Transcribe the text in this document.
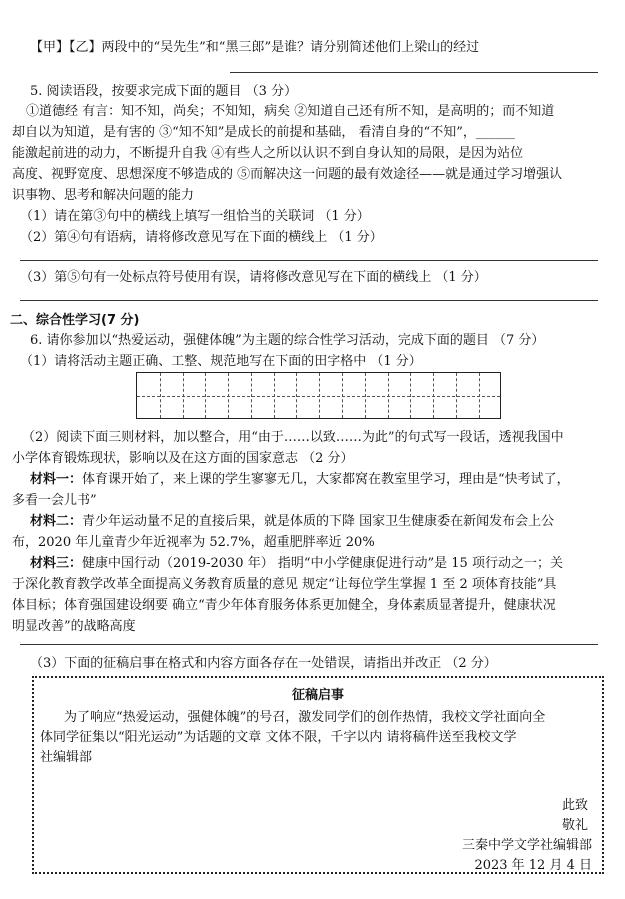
【甲】【乙】两段中的“吴先生”和“黑三郎”是谁？请分别简述他们上梁山的经过
5. 阅读语段，按要求完成下面的题目 （3 分）
①道德经 有言：知不知，尚矣；不知知，病矣 ②知道自己还有所不知，是高明的；而不知道
却自以为知道，是有害的 ③“知不知”是成长的前提和基础， 看清自身的“不知”，______
能激起前进的动力，不断提升自我 ④有些人之所以认识不到自身认知的局限，是因为站位
高度、视野宽度、思想深度不够造成的 ⑤而解决这一问题的最有效途径——就是通过学习增强认
识事物、思考和解决问题的能力
（1）请在第③句中的横线上填写一组恰当的关联词 （1 分）
（2）第④句有语病，请将修改意见写在下面的横线上 （1 分）
（3）第⑤句有一处标点符号使用有误，请将修改意见写在下面的横线上 （1 分）
二、综合性学习(7 分)
6. 请你参加以“热爱运动，强健体魄”为主题的综合性学习活动，完成下面的题目 （7 分）
（1）请将活动主题正确、工整、规范地写在下面的田字格中 （1 分）
（2）阅读下面三则材料，加以整合，用“由于……以致……为此”的句式写一段话，透视我国中
小学体育锻炼现状，影响以及在这方面的国家意志 （2 分）
材料一：体育课开始了，来上课的学生寥寥无几，大家都窝在教室里学习，理由是“快考试了，
多看一会儿书”
材料二：青少年运动量不足的直接后果，就是体质的下降 国家卫生健康委在新闻发布会上公
布，2020 年儿童青少年近视率为 52.7%，超重肥胖率近 20%
材料三：健康中国行动（2019-2030 年） 指明“中小学健康促进行动”是 15 项行动之一；关
于深化教育教学改革全面提高义务教育质量的意见 规定“让每位学生掌握 1 至 2 项体育技能”具
体目标；体育强国建设纲要 确立“青少年体育服务体系更加健全，身体素质显著提升，健康状况
明显改善”的战略高度
（3）下面的征稿启事在格式和内容方面各存在一处错误，请指出并改正 （2 分）
征稿启事
为了响应“热爱运动，强健体魄”的号召，激发同学们的创作热情，我校文学社面向全
体同学征集以“阳光运动”为话题的文章 文体不限，千字以内 请将稿件送至我校文学
社编辑部
此致
敬礼
三秦中学文学社编辑部
2023 年 12 月 4 日
